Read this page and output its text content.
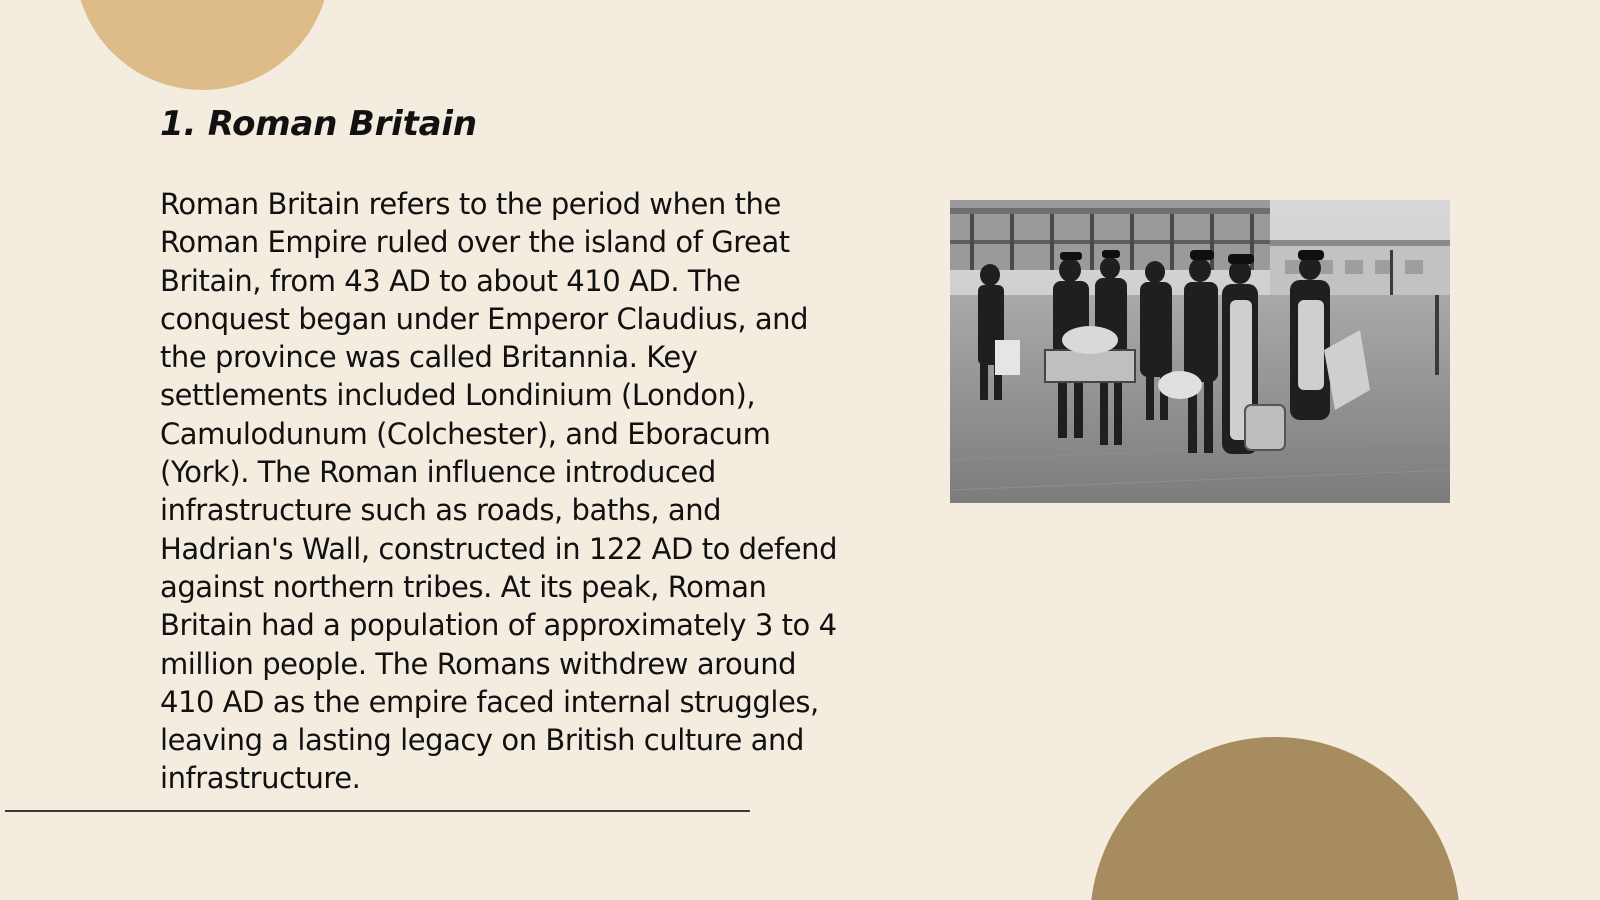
1. Roman Britain

Roman Britain refers to the period when the Roman Empire ruled over the island of Great Britain, from 43 AD to about 410 AD. The conquest began under Emperor Claudius, and the province was called Britannia. Key settlements included Londinium (London), Camulodunum (Colchester), and Eboracum (York). The Roman influence introduced infrastructure such as roads, baths, and Hadrian's Wall, constructed in 122 AD to defend against northern tribes. At its peak, Roman Britain had a population of approximately 3 to 4 million people. The Romans withdrew around 410 AD as the empire faced internal struggles, leaving a lasting legacy on British culture and infrastructure.
